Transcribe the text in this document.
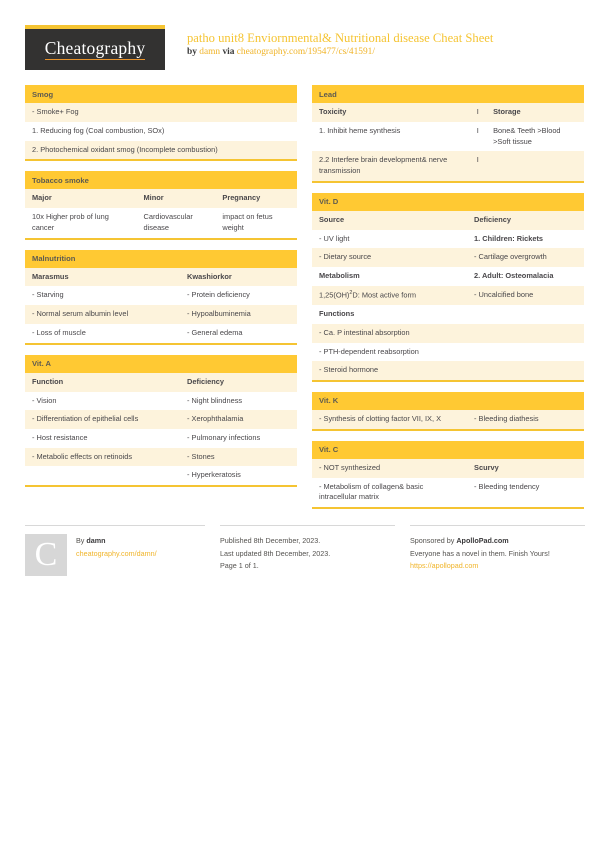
Cheatography
patho unit8 Enviornmental& Nutritional disease Cheat Sheet
by damn via cheatography.com/195477/cs/41591/
Smog
- Smoke+ Fog
1. Reducing fog (Coal combustion, SOx)
2. Photochemical oxidant smog (Incomplete combustion)
Tobacco smoke
Major	Minor	Pregnancy
10x Higher prob of lung cancer	Cardiovascular disease	impact on fetus weight
Malnutrition
Marasmus	Kwashiorkor
- Starving	- Protein deficiency
- Normal serum albumin level	- Hypoalbuminemia
- Loss of muscle	- General edema
Vit. A
Function	Deficiency
- Vision	- Night blindness
- Differentiation of epithelial cells	- Xerophthalamia
- Host resistance	- Pulmonary infections
- Metabolic effects on retinoids	- Stones
	- Hyperkeratosis
Lead
Toxicity	I	Storage
1. Inhibit heme synthesis	I	Bone& Teeth >Blood >Soft tissue
2.2 Interfere brain development& nerve transmission	I	
Vit. D
Source	Deficiency
- UV light	1. Children: Rickets
- Dietary source	- Cartilage overgrowth
Metabolism	2. Adult: Osteomalacia
1,25(OH)$^2$D: Most active form	- Uncalcified bone
Functions	
- Ca. P intestinal absorption	
- PTH-dependent reabsorption	
- Steroid hormone	
Vit. K
- Synthesis of clotting factor VII, IX, X	- Bleeding diathesis
Vit. C
- NOT synthesized	Scurvy
- Metabolism of collagen& basic intracellular matrix	- Bleeding tendency
C	By damn
cheatography.com/damn/
Published 8th December, 2023.
Last updated 8th December, 2023.
Page 1 of 1.
Sponsored by ApolloPad.com
Everyone has a novel in them. Finish Yours!
https://apollopad.com
